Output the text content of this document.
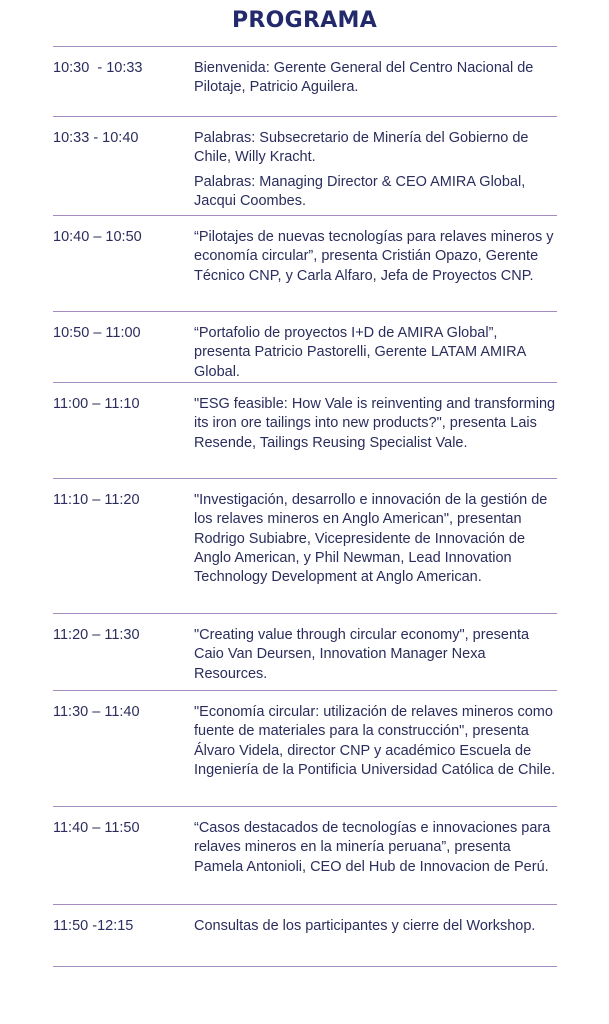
PROGRAMA
10:30  - 10:33	Bienvenida: Gerente General del Centro Nacional de Pilotaje, Patricio Aguilera.

10:33 - 10:40	Palabras: Subsecretario de Minería del Gobierno de Chile, Willy Kracht.

Palabras: Managing Director & CEO AMIRA Global, Jacqui Coombes.

10:40 – 10:50	“Pilotajes de nuevas tecnologías para relaves mineros y economía circular”, presenta Cristián Opazo, Gerente Técnico CNP, y Carla Alfaro, Jefa de Proyectos CNP.

10:50 – 11:00	“Portafolio de proyectos I+D de AMIRA Global”, presenta Patricio Pastorelli, Gerente LATAM AMIRA Global.

11:00 – 11:10	"ESG feasible: How Vale is reinventing and transforming its iron ore tailings into new products?", presenta Lais Resende, Tailings Reusing Specialist Vale.

11:10 – 11:20	"Investigación, desarrollo e innovación de la gestión de los relaves mineros en Anglo American", presentan Rodrigo Subiabre, Vicepresidente de Innovación de Anglo American, y Phil Newman, Lead Innovation Technology Development at Anglo American.

11:20 – 11:30	"Creating value through circular economy", presenta Caio Van Deursen, Innovation Manager Nexa Resources.

11:30 – 11:40	"Economía circular: utilización de relaves mineros como fuente de materiales para la construcción", presenta Álvaro Videla, director CNP y académico Escuela de Ingeniería de la Pontificia Universidad Católica de Chile.

11:40 – 11:50	“Casos destacados de tecnologías e innovaciones para relaves mineros en la minería peruana”, presenta Pamela Antonioli, CEO del Hub de Innovacion de Perú.

11:50 -12:15	Consultas de los participantes y cierre del Workshop.
